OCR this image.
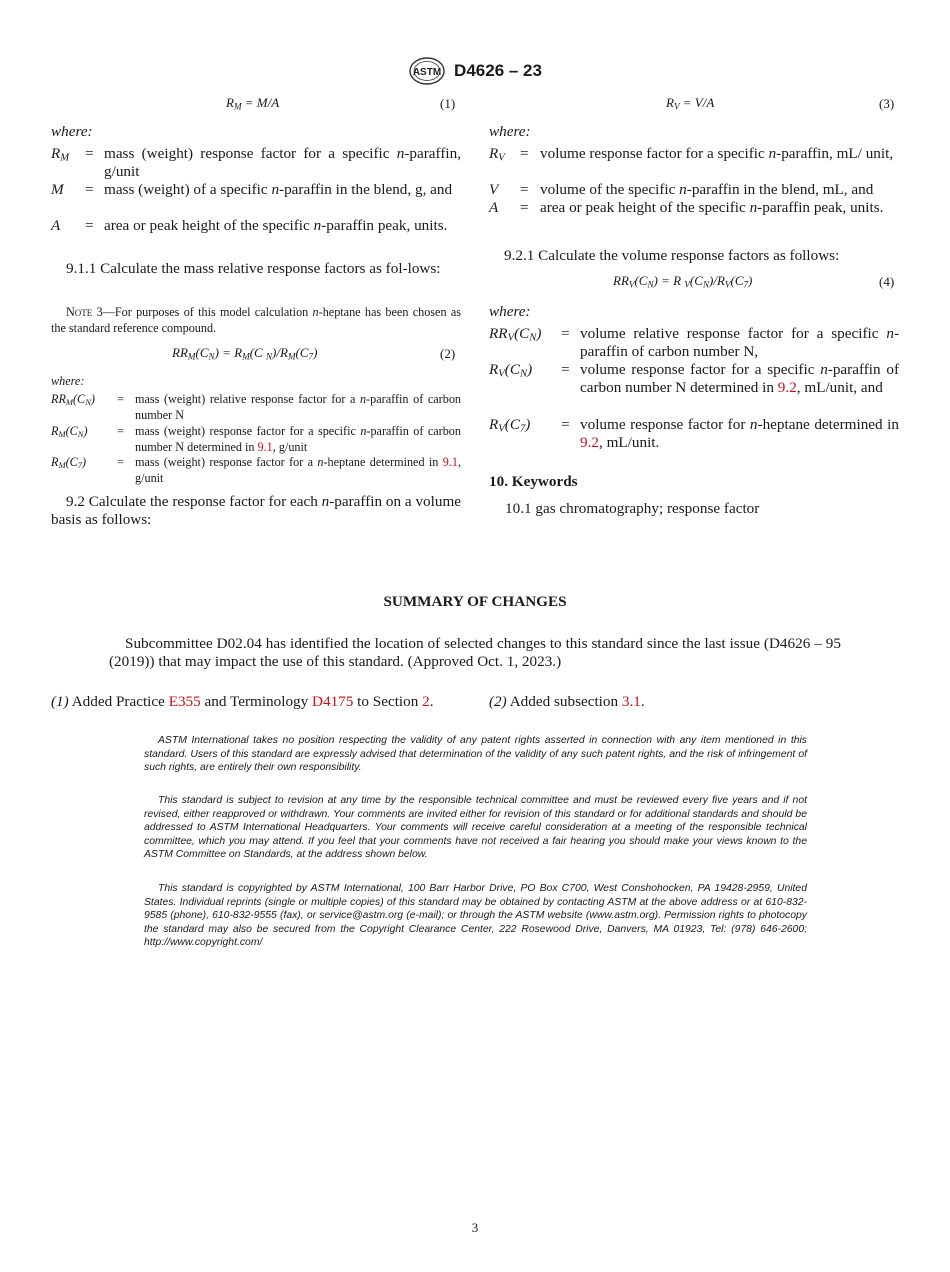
ASTM D4626 – 23
$R_M = M/A$	(1)
where:
$R_M$ = mass (weight) response factor for a specific n-paraffin, g/unit
M = mass (weight) of a specific n-paraffin in the blend, g, and
A = area or peak height of the specific n-paraffin peak, units.
9.1.1 Calculate the mass relative response factors as fol-lows:
Note 3—For purposes of this model calculation n-heptane has been chosen as the standard reference compound.
$RR_M(C_N) = R_M(C$ $_N)/R_M(C_7)$	(2)
where:
$RR_M(C_N)$ = mass (weight) relative response factor for a n-paraffin of carbon number N
$R_M(C_N)$ = mass (weight) response factor for a specific n-paraffin of carbon number N determined in 9.1, g/unit
$R_M(C_7)$	= mass (weight) response factor for a n-heptane determined in 9.1, g/unit
9.2 Calculate the response factor for each n-paraffin on a volume basis as follows:
$R_V = V/A$	(3)
where:
$R_V$ = volume response factor for a specific n-paraffin, mL/ unit,
V = volume of the specific n-paraffin in the blend, mL, and
A = area or peak height of the specific n-paraffin peak, units.
9.2.1 Calculate the volume response factors as follows:
$RR_V(C_N) = R$ $_V(C_N)/R_V(C_7)$	(4)
where:
$RR_V(C_N)$ = volume relative response factor for a specific n-paraffin of carbon number N,
$R_V(C_N)$ = volume response factor for a specific n-paraffin of carbon number N determined in 9.2, mL/unit, and
$R_V(C_7)$ = volume response factor for n-heptane determined in 9.2, mL/unit.
10. Keywords
10.1 gas chromatography; response factor
SUMMARY OF CHANGES
Subcommittee D02.04 has identified the location of selected changes to this standard since the last issue (D4626 – 95 (2019)) that may impact the use of this standard. (Approved Oct. 1, 2023.)
(1) Added Practice E355 and Terminology D4175 to Section 2.	(2) Added subsection 3.1.

ASTM International takes no position respecting the validity of any patent rights asserted in connection with any item mentioned in this standard. Users of this standard are expressly advised that determination of the validity of any such patent rights, and the risk of infringement of such rights, are entirely their own responsibility.

This standard is subject to revision at any time by the responsible technical committee and must be reviewed every five years and if not revised, either reapproved or withdrawn. Your comments are invited either for revision of this standard or for additional standards and should be addressed to ASTM International Headquarters. Your comments will receive careful consideration at a meeting of the responsible technical committee, which you may attend. If you feel that your comments have not received a fair hearing you should make your views known to the ASTM Committee on Standards, at the address shown below.

This standard is copyrighted by ASTM International, 100 Barr Harbor Drive, PO Box C700, West Conshohocken, PA 19428-2959, United States. Individual reprints (single or multiple copies) of this standard may be obtained by contacting ASTM at the above address or at 610-832-9585 (phone), 610-832-9555 (fax), or service@astm.org (e-mail); or through the ASTM website (www.astm.org). Permission rights to photocopy the standard may also be secured from the Copyright Clearance Center, 222 Rosewood Drive, Danvers, MA 01923, Tel: (978) 646-2600; http://www.copyright.com/

3
